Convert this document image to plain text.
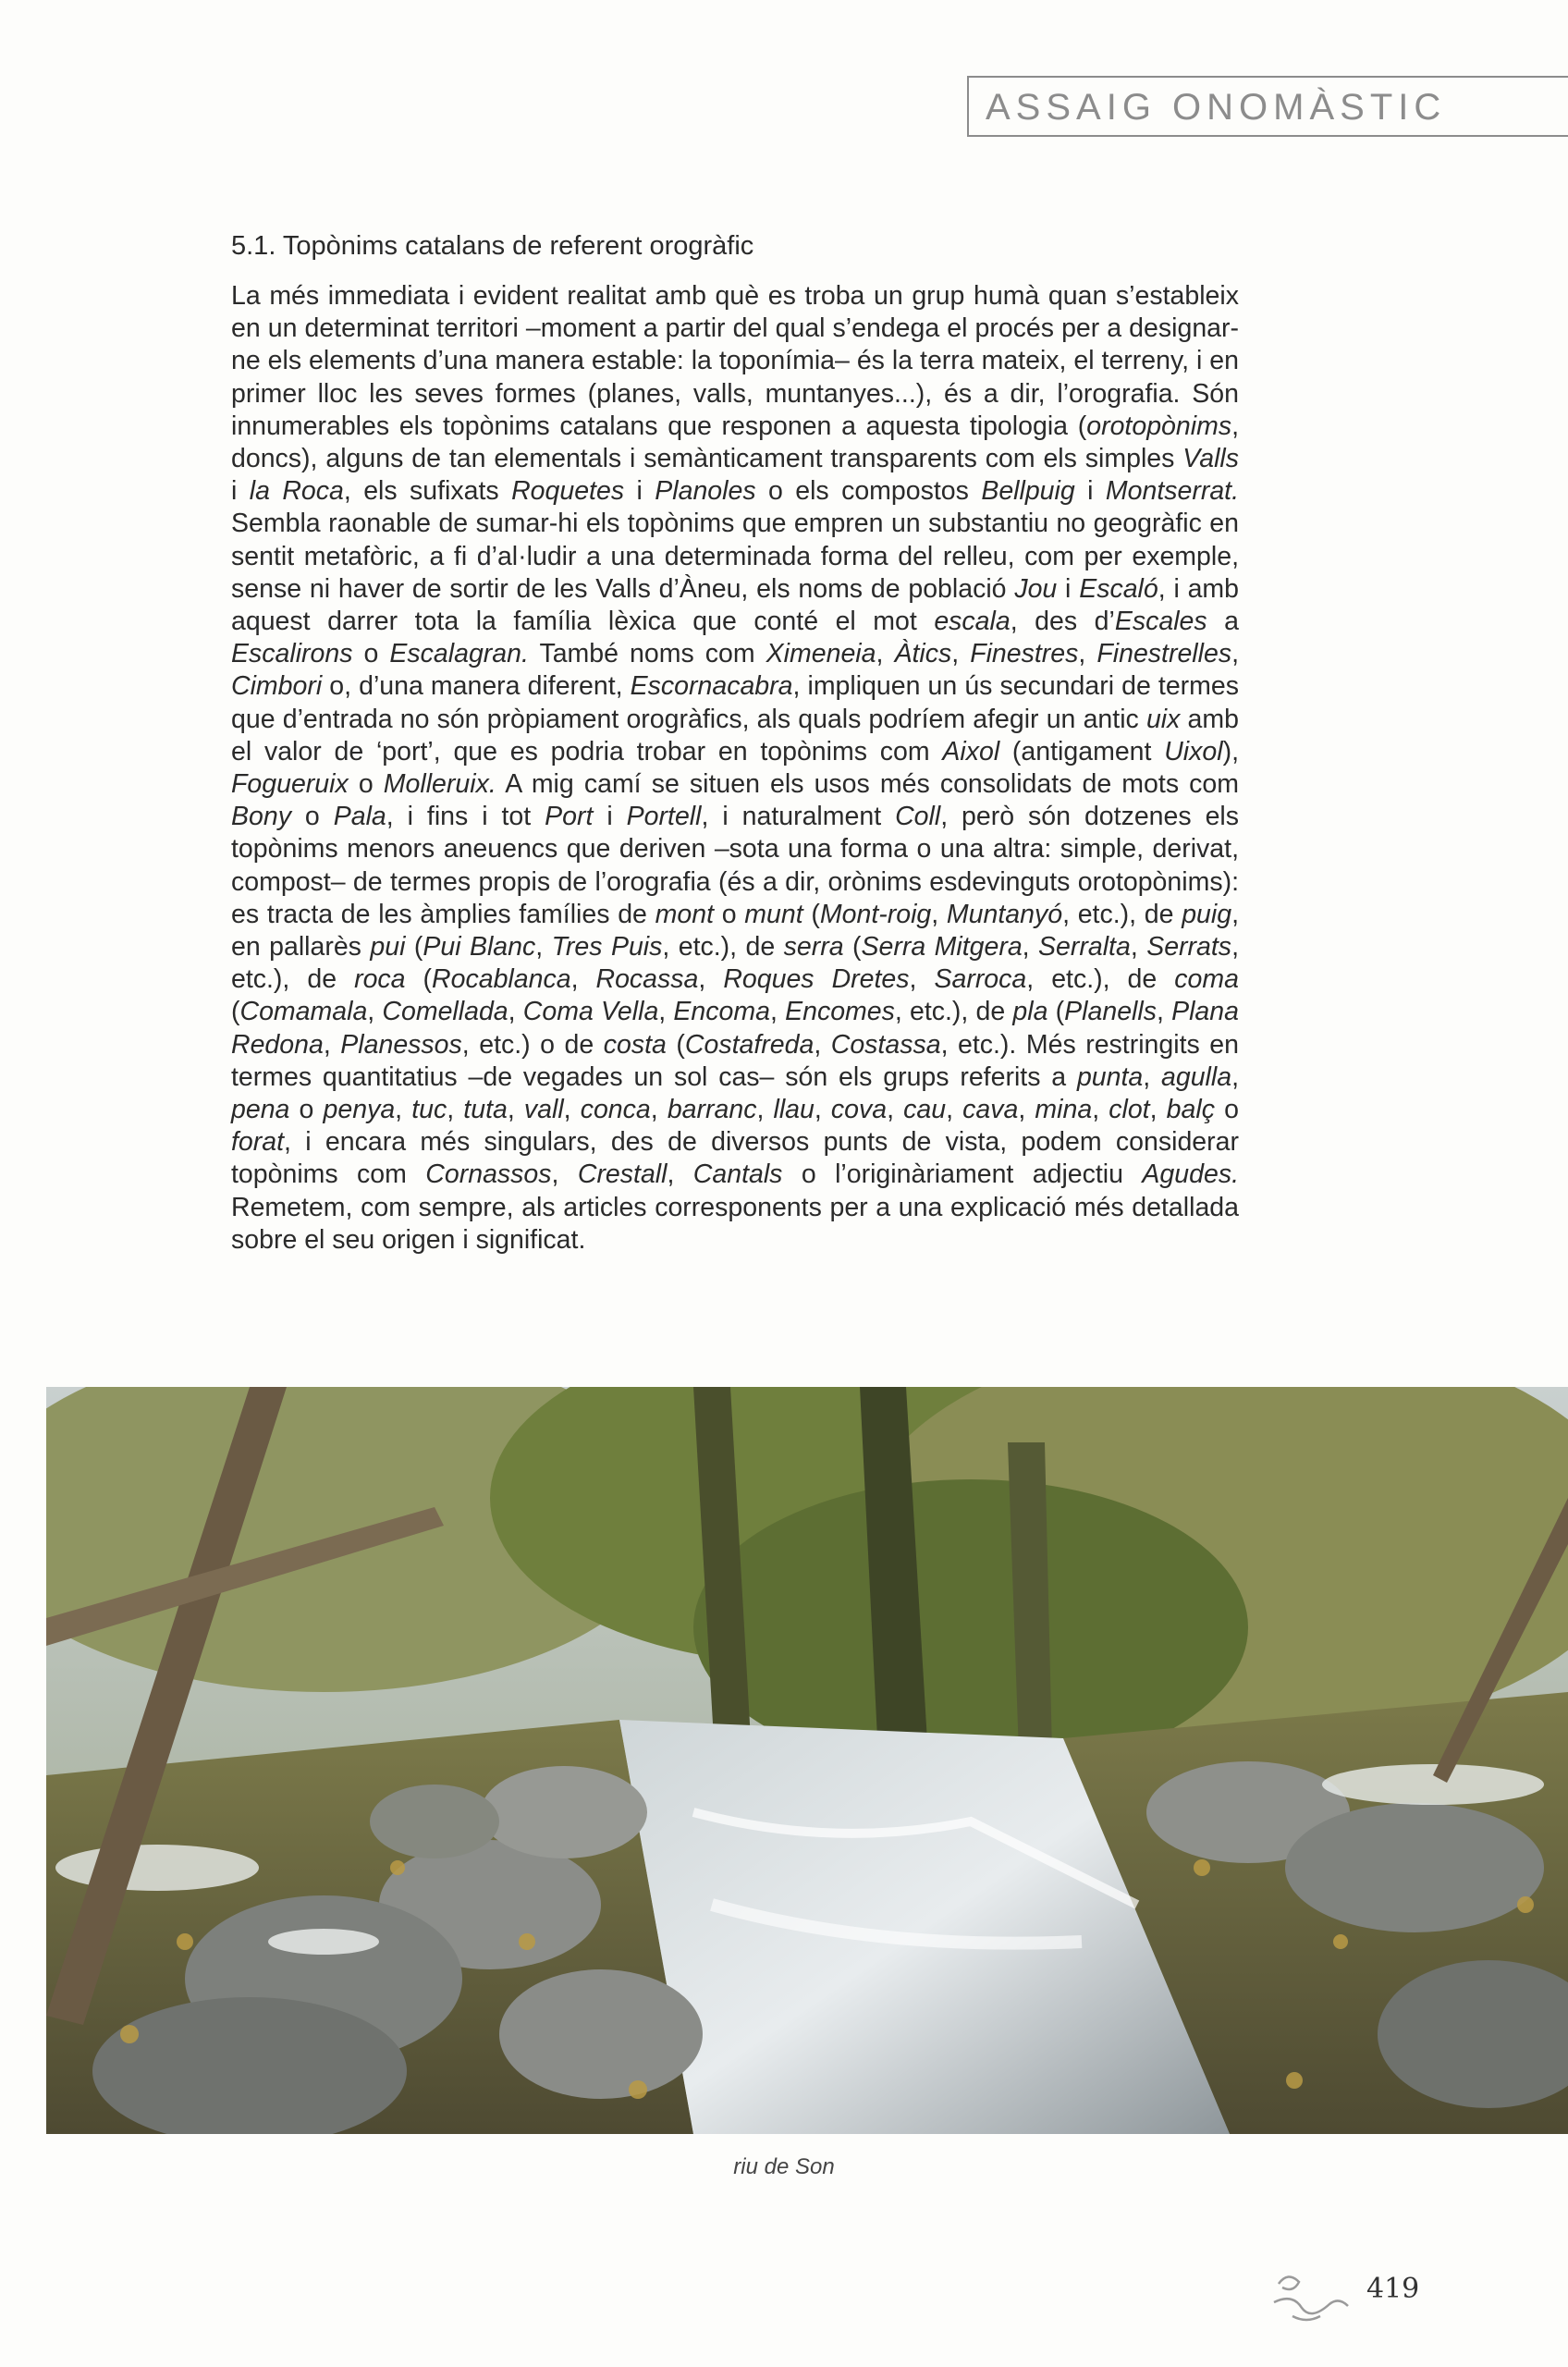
ASSAIG ONOMÀSTIC
5.1. Topònims catalans de referent orogràfic

La més immediata i evident realitat amb què es troba un grup humà quan s’estableix en un determinat territori –moment a partir del qual s’endega el procés per a designar-ne els elements d’una manera estable: la toponímia– és la terra mateix, el terreny, i en primer lloc les seves formes (planes, valls, muntanyes...), és a dir, l’orografia. Són innumerables els topònims catalans que responen a aquesta tipologia (orotopònims, doncs), alguns de tan elementals i semànticament transparents com els simples Valls i la Roca, els sufixats Roquetes i Planoles o els compostos Bellpuig i Montserrat. Sembla raonable de sumar-hi els topònims que empren un substantiu no geogràfic en sentit metafòric, a fi d’al·ludir a una determinada forma del relleu, com per exemple, sense ni haver de sortir de les Valls d’Àneu, els noms de població Jou i Escaló, i amb aquest darrer tota la família lèxica que conté el mot escala, des d’Escales a Escalirons o Escalagran. També noms com Ximeneia, Àtics, Finestres, Finestrelles, Cimbori o, d’una manera diferent, Escornacabra, impliquen un ús secundari de termes que d’entrada no són pròpiament orogràfics, als quals podríem afegir un antic uix amb el valor de ‘port’, que es podria trobar en topònims com Aixol (antigament Uixol), Fogueruix o Molleruix. A mig camí se situen els usos més consolidats de mots com Bony o Pala, i fins i tot Port i Portell, i naturalment Coll, però són dotzenes els topònims menors aneuencs que deriven –sota una forma o una altra: simple, derivat, compost– de termes propis de l’orografia (és a dir, orònims esdevinguts orotopònims): es tracta de les àmplies famílies de mont o munt (Mont-roig, Muntanyó, etc.), de puig, en pallarès pui (Pui Blanc, Tres Puis, etc.), de serra (Serra Mitgera, Serralta, Serrats, etc.), de roca (Rocablanca, Rocassa, Roques Dretes, Sarroca, etc.), de coma (Comamala, Comellada, Coma Vella, Encoma, Encomes, etc.), de pla (Planells, Plana Redona, Planessos, etc.) o de costa (Costafreda, Costassa, etc.). Més restringits en termes quantitatius –de vegades un sol cas– són els grups referits a punta, agulla, pena o penya, tuc, tuta, vall, conca, barranc, llau, cova, cau, cava, mina, clot, balç o forat, i encara més singulars, des de diversos punts de vista, podem considerar topònims com Cornassos, Crestall, Cantals o l’originàriament adjectiu Agudes. Remetem, com sempre, als articles corresponents per a una explicació més detallada sobre el seu origen i significat.

riu de Son
419
